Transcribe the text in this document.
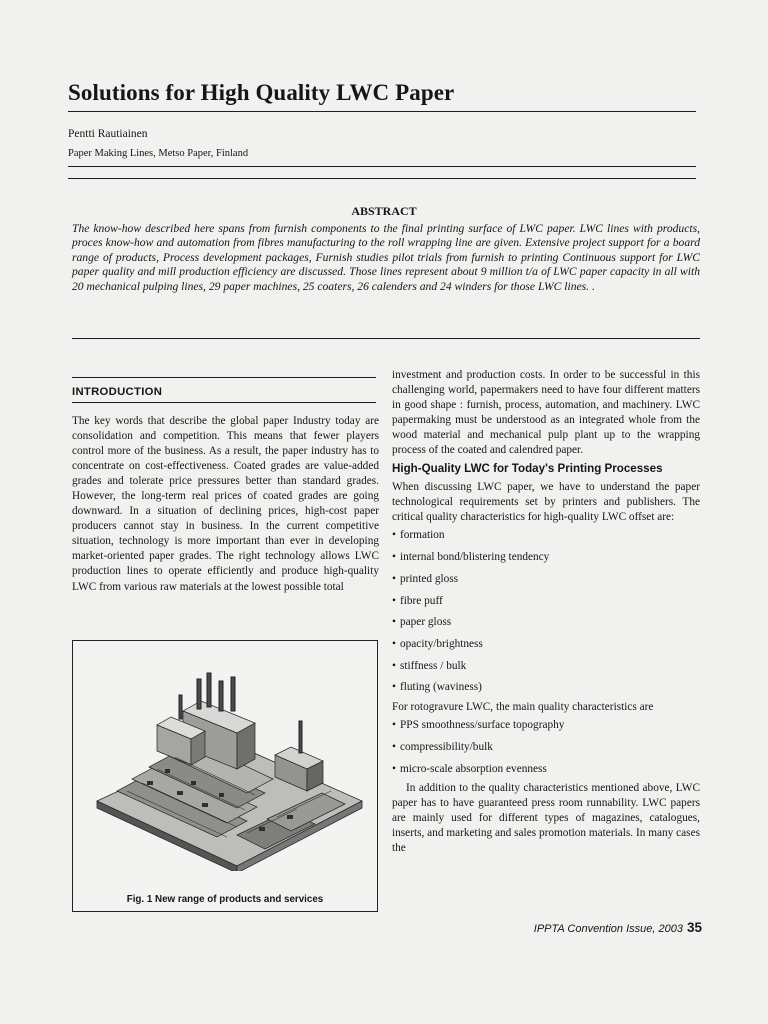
Solutions for High Quality LWC Paper
Pentti Rautiainen
Paper Making Lines, Metso Paper, Finland
ABSTRACT
The know-how described here spans from furnish components to the final printing surface of LWC paper. LWC lines with products, proces know-how and automation from fibres manufacturing to the roll wrapping line are given. Extensive project support for a board range of products, Process development packages, Furnish studies pilot trials from furnish to printing Continuous support for LWC paper quality and mill production efficiency are discussed. Those lines represent about 9 million t/a of LWC paper capacity in all with 20 mechanical pulping lines, 29 paper machines, 25 coaters, 26 calenders and 24 winders for those LWC lines. .
INTRODUCTION
The key words that describe the global paper Industry today are consolidation and competition. This means that fewer players control more of the business. As a result, the paper industry has to concentrate on cost-effectiveness. Coated grades are value-added grades and tolerate price pressures better than standard grades. However, the long-term real prices of coated grades are going downward. In a situation of declining prices, high-cost paper producers cannot stay in business. In the current competitive situation, technology is more important than ever in developing market-oriented paper grades. The right technology allows LWC production lines to operate efficiently and produce high-quality LWC from various raw materials at the lowest possible total
Fig. 1 New range of products and services

investment and production costs. In order to be successful in this challenging world, papermakers need to have four different matters in good shape : furnish, process, automation, and machinery. LWC papermaking must be understood as an integrated whole from the wood material and mechanical pulp plant up to the wrapping process of the coated and calendred paper.

High-Quality LWC for Today's Printing Processes

When discussing LWC paper, we have to understand the paper technological requirements set by printers and publishers. The critical quality characteristics for high-quality LWC offset are:

• formation
• internal bond/blistering tendency
• printed gloss
• fibre puff
• paper gloss
• opacity/brightness
• stiffness / bulk
• fluting (waviness)

For rotogravure LWC, the main quality characteristics are

• PPS smoothness/surface topography
• compressibility/bulk
• micro-scale absorption evenness

In addition to the quality characteristics mentioned above, LWC paper has to have guaranteed press room runnability. LWC papers are mainly used for different types of magazines, catalogues, inserts, and marketing and sales promotion materials. In many cases the

IPPTA Convention Issue, 2003 35
